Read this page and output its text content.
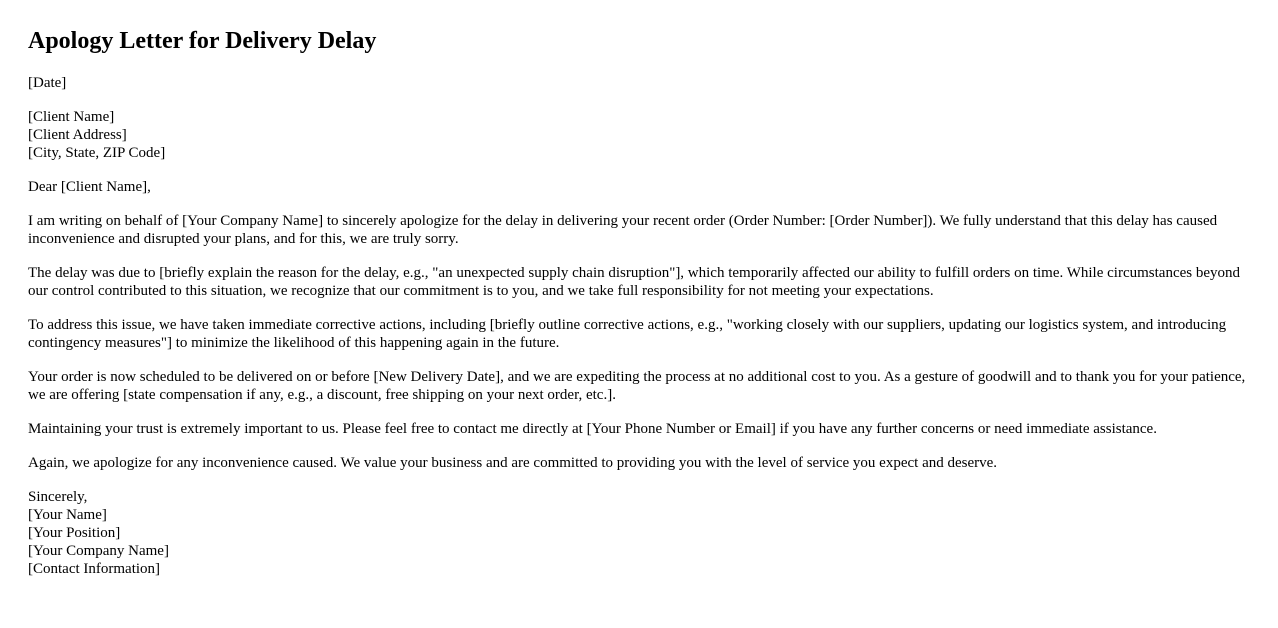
Apology Letter for Delivery Delay

[Date]

[Client Name]
[Client Address]
[City, State, ZIP Code]

Dear [Client Name],

I am writing on behalf of [Your Company Name] to sincerely apologize for the delay in delivering your recent order (Order Number: [Order Number]). We fully understand that this delay has caused inconvenience and disrupted your plans, and for this, we are truly sorry.

The delay was due to [briefly explain the reason for the delay, e.g., "an unexpected supply chain disruption"], which temporarily affected our ability to fulfill orders on time. While circumstances beyond our control contributed to this situation, we recognize that our commitment is to you, and we take full responsibility for not meeting your expectations.

To address this issue, we have taken immediate corrective actions, including [briefly outline corrective actions, e.g., "working closely with our suppliers, updating our logistics system, and introducing contingency measures"] to minimize the likelihood of this happening again in the future.

Your order is now scheduled to be delivered on or before [New Delivery Date], and we are expediting the process at no additional cost to you. As a gesture of goodwill and to thank you for your patience, we are offering [state compensation if any, e.g., a discount, free shipping on your next order, etc.].

Maintaining your trust is extremely important to us. Please feel free to contact me directly at [Your Phone Number or Email] if you have any further concerns or need immediate assistance.

Again, we apologize for any inconvenience caused. We value your business and are committed to providing you with the level of service you expect and deserve.

Sincerely,
[Your Name]
[Your Position]
[Your Company Name]
[Contact Information]
